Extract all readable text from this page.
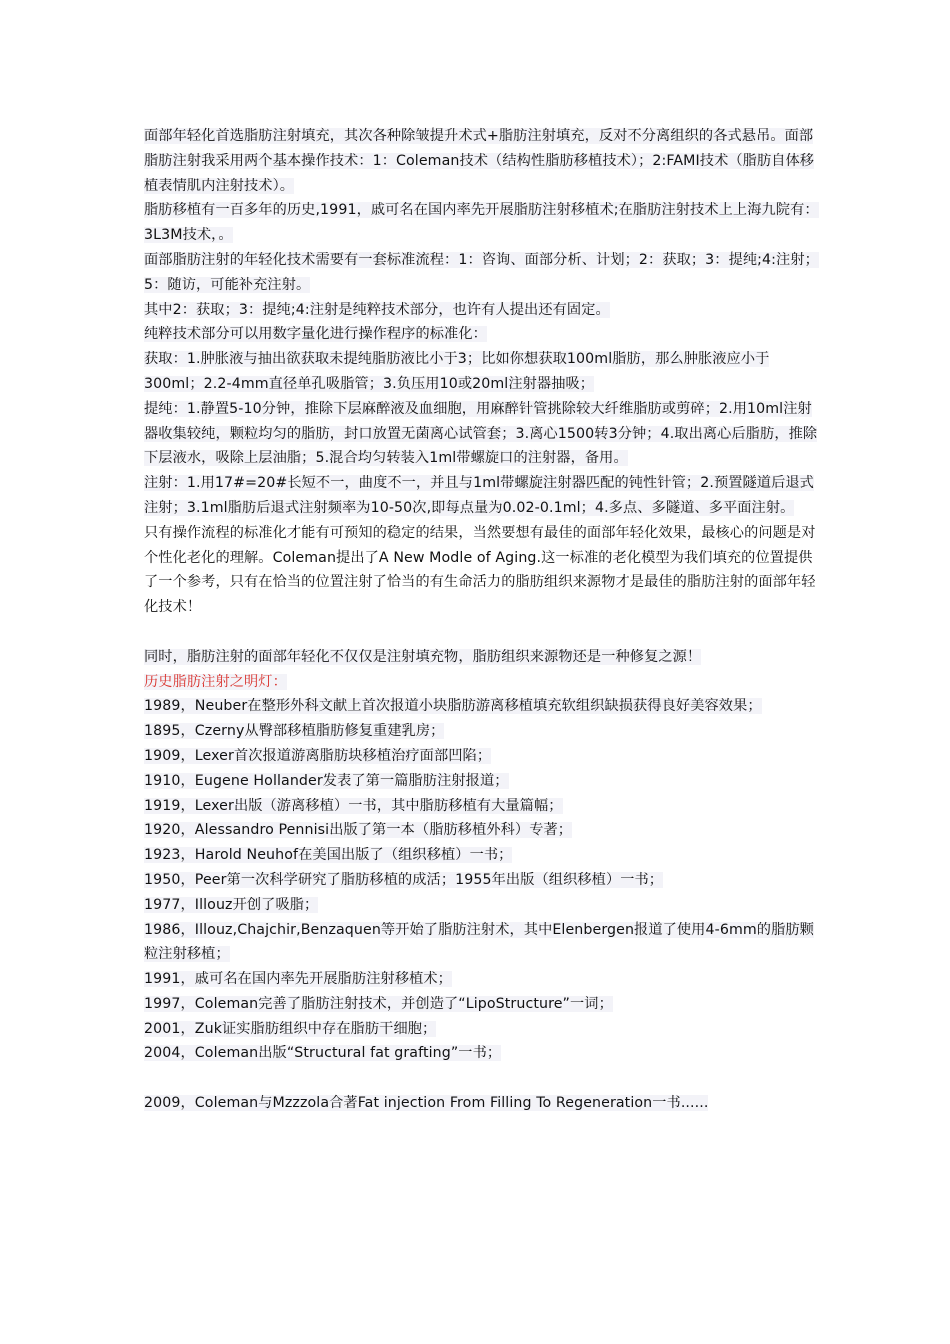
面部年轻化首选脂肪注射填充，其次各种除皱提升术式+脂肪注射填充，反对不分离组织的各式悬吊。面部脂肪注射我采用两个基本操作技术：1：Coleman技术（结构性脂肪移植技术）；2:FAMI技术（脂肪自体移植表情肌内注射技术）。

脂肪移植有一百多年的历史,1991，戚可名在国内率先开展脂肪注射移植术;在脂肪注射技术上上海九院有：3L3M技术，。

面部脂肪注射的年轻化技术需要有一套标准流程：1：咨询、面部分析、计划；2：获取；3：提纯;4:注射；5：随访，可能补充注射。

其中2：获取；3：提纯;4:注射是纯粹技术部分，也许有人提出还有固定。

纯粹技术部分可以用数字量化进行操作程序的标准化：

获取：1.肿胀液与抽出欲获取未提纯脂肪液比小于3；比如你想获取100ml脂肪，那么肿胀液应小于300ml；2.2-4mm直径单孔吸脂管；3.负压用10或20ml注射器抽吸；

提纯：1.静置5-10分钟，推除下层麻醉液及血细胞，用麻醉针管挑除较大纤维脂肪或剪碎；2.用10ml注射器收集较纯，颗粒均匀的脂肪，封口放置无菌离心试管套；3.离心1500转3分钟；4.取出离心后脂肪，推除下层液水，吸除上层油脂；5.混合均匀转装入1ml带螺旋口的注射器，备用。

注射：1.用17#=20#长短不一，曲度不一，并且与1ml带螺旋注射器匹配的钝性针管；2.预置隧道后退式注射；3.1ml脂肪后退式注射频率为10-50次,即每点量为0.02-0.1ml；4.多点、多隧道、多平面注射。

只有操作流程的标准化才能有可预知的稳定的结果，当然要想有最佳的面部年轻化效果，最核心的问题是对个性化老化的理解。Coleman提出了A New Modle of Aging.这一标准的老化模型为我们填充的位置提供了一个参考，只有在恰当的位置注射了恰当的有生命活力的脂肪组织来源物才是最佳的脂肪注射的面部年轻化技术！

同时，脂肪注射的面部年轻化不仅仅是注射填充物，脂肪组织来源物还是一种修复之源！

历史脂肪注射之明灯：

1989，Neuber在整形外科文献上首次报道小块脂肪游离移植填充软组织缺损获得良好美容效果；

1895，Czerny从臀部移植脂肪修复重建乳房；

1909，Lexer首次报道游离脂肪块移植治疗面部凹陷；

1910，Eugene Hollander发表了第一篇脂肪注射报道；

1919，Lexer出版（游离移植）一书，其中脂肪移植有大量篇幅；

1920，Alessandro Pennisi出版了第一本（脂肪移植外科）专著；

1923，Harold Neuhof在美国出版了（组织移植）一书；

1950，Peer第一次科学研究了脂肪移植的成活；1955年出版（组织移植）一书；

1977，Illouz开创了吸脂；

1986，Illouz,Chajchir,Benzaquen等开始了脂肪注射术，其中Elenbergen报道了使用4-6mm的脂肪颗粒注射移植；

1991，戚可名在国内率先开展脂肪注射移植术；

1997，Coleman完善了脂肪注射技术，并创造了“LipoStructure”一词；

2001，Zuk证实脂肪组织中存在脂肪干细胞；

2004，Coleman出版“Structural fat grafting”一书；

2009，Coleman与Mzzzola合著Fat injection From Filling To Regeneration一书......
